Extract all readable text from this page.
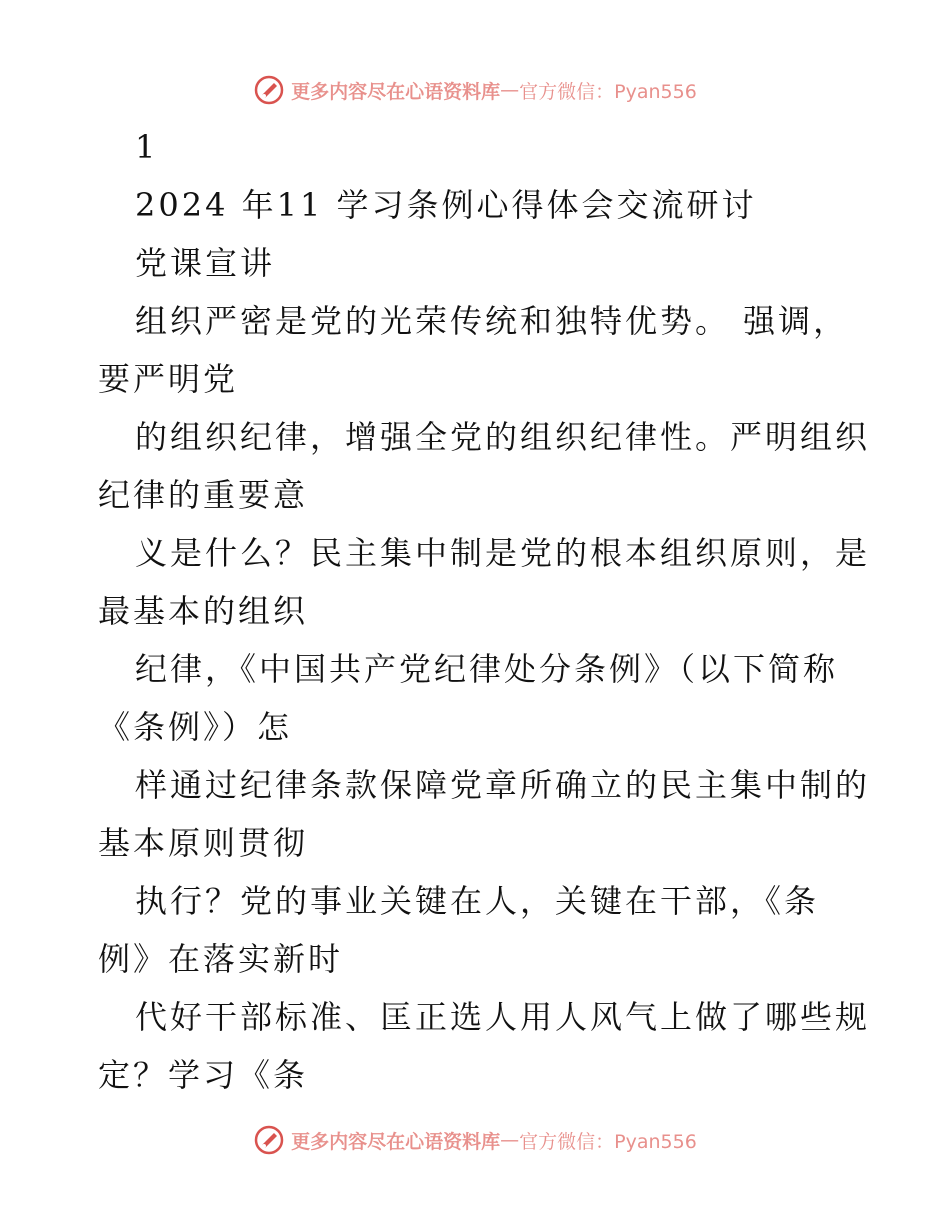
更多内容尽在心语资料库 — 官方微信：Pyan556
1
2024 年11 学习条例心得体会交流研讨
党课宣讲
组织严密是党的光荣传统和独特优势。 强调，
要严明党
的组织纪律，增强全党的组织纪律性。严明组织
纪律的重要意
义是什么？民主集中制是党的根本组织原则，是
最基本的组织
纪律，《中国共产党纪律处分条例》（以下简称
《条例》）怎
样通过纪律条款保障党章所确立的民主集中制的
基本原则贯彻
执行？党的事业关键在人，关键在干部，《条
例》在落实新时
代好干部标准、匡正选人用人风气上做了哪些规
定？学习《条
更多内容尽在心语资料库 — 官方微信：Pyan556
